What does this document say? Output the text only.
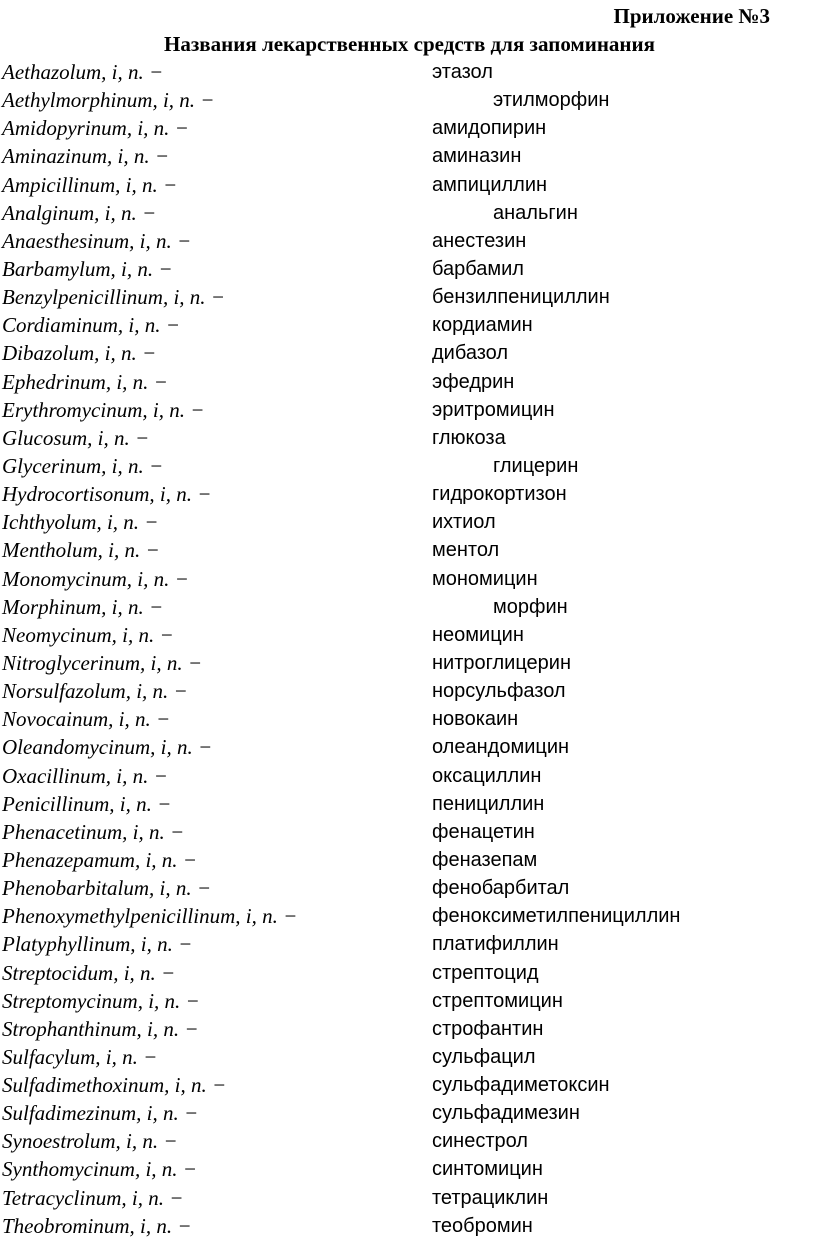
Приложение №3

Названия лекарственных средств для запоминания

Aethazolum, i, n. −	этазол
Aethylmorphinum, i, n. −	этилморфин
Amidopyrinum, i, n. −	амидопирин
Aminazinum, i, n. −	аминазин
Ampicillinum, i, n. −	ампициллин
Analginum, i, n. −	анальгин
Anaesthesinum, i, n. −	анестезин
Barbamylum, i, n. −	барбамил
Benzylpenicillinum, i, n. −	бензилпенициллин
Cordiaminum, i, n. −	кордиамин
Dibazolum, i, n. −	дибазол
Ephedrinum, i, n. −	эфедрин
Erythromycinum, i, n. −	эритромицин
Glucosum, i, n. −	глюкоза
Glycerinum, i, n. −	глицерин
Hydrocortisonum, i, n. −	гидрокортизон
Ichthyolum, i, n. −	ихтиол
Mentholum, i, n. −	ментол
Monomycinum, i, n. −	мономицин
Morphinum, i, n. −	морфин
Neomycinum, i, n. −	неомицин
Nitroglycerinum, i, n. −	нитроглицерин
Norsulfazolum, i, n. −	норсульфазол
Novocainum, i, n. −	новокаин
Oleandomycinum, i, n. −	олеандомицин
Oxacillinum, i, n. −	оксациллин
Penicillinum, i, n. −	пенициллин
Phenacetinum, i, n. −	фенацетин
Phenazepamum, i, n. −	феназепам
Phenobarbitalum, i, n. −	фенобарбитал
Phenoxymethylpenicillinum, i, n. −	феноксиметилпенициллин
Platyphyllinum, i, n. −	платифиллин
Streptocidum, i, n. −	стрептоцид
Streptomycinum, i, n. −	стрептомицин
Strophanthinum, i, n. −	строфантин
Sulfacylum, i, n. −	сульфацил
Sulfadimethoxinum, i, n. −	сульфадиметоксин
Sulfadimezinum, i, n. −	сульфадимезин
Synoestrolum, i, n. −	синестрол
Synthomycinum, i, n. −	синтомицин
Tetracyclinum, i, n. −	тетрациклин
Theobrominum, i, n. −	теобромин
